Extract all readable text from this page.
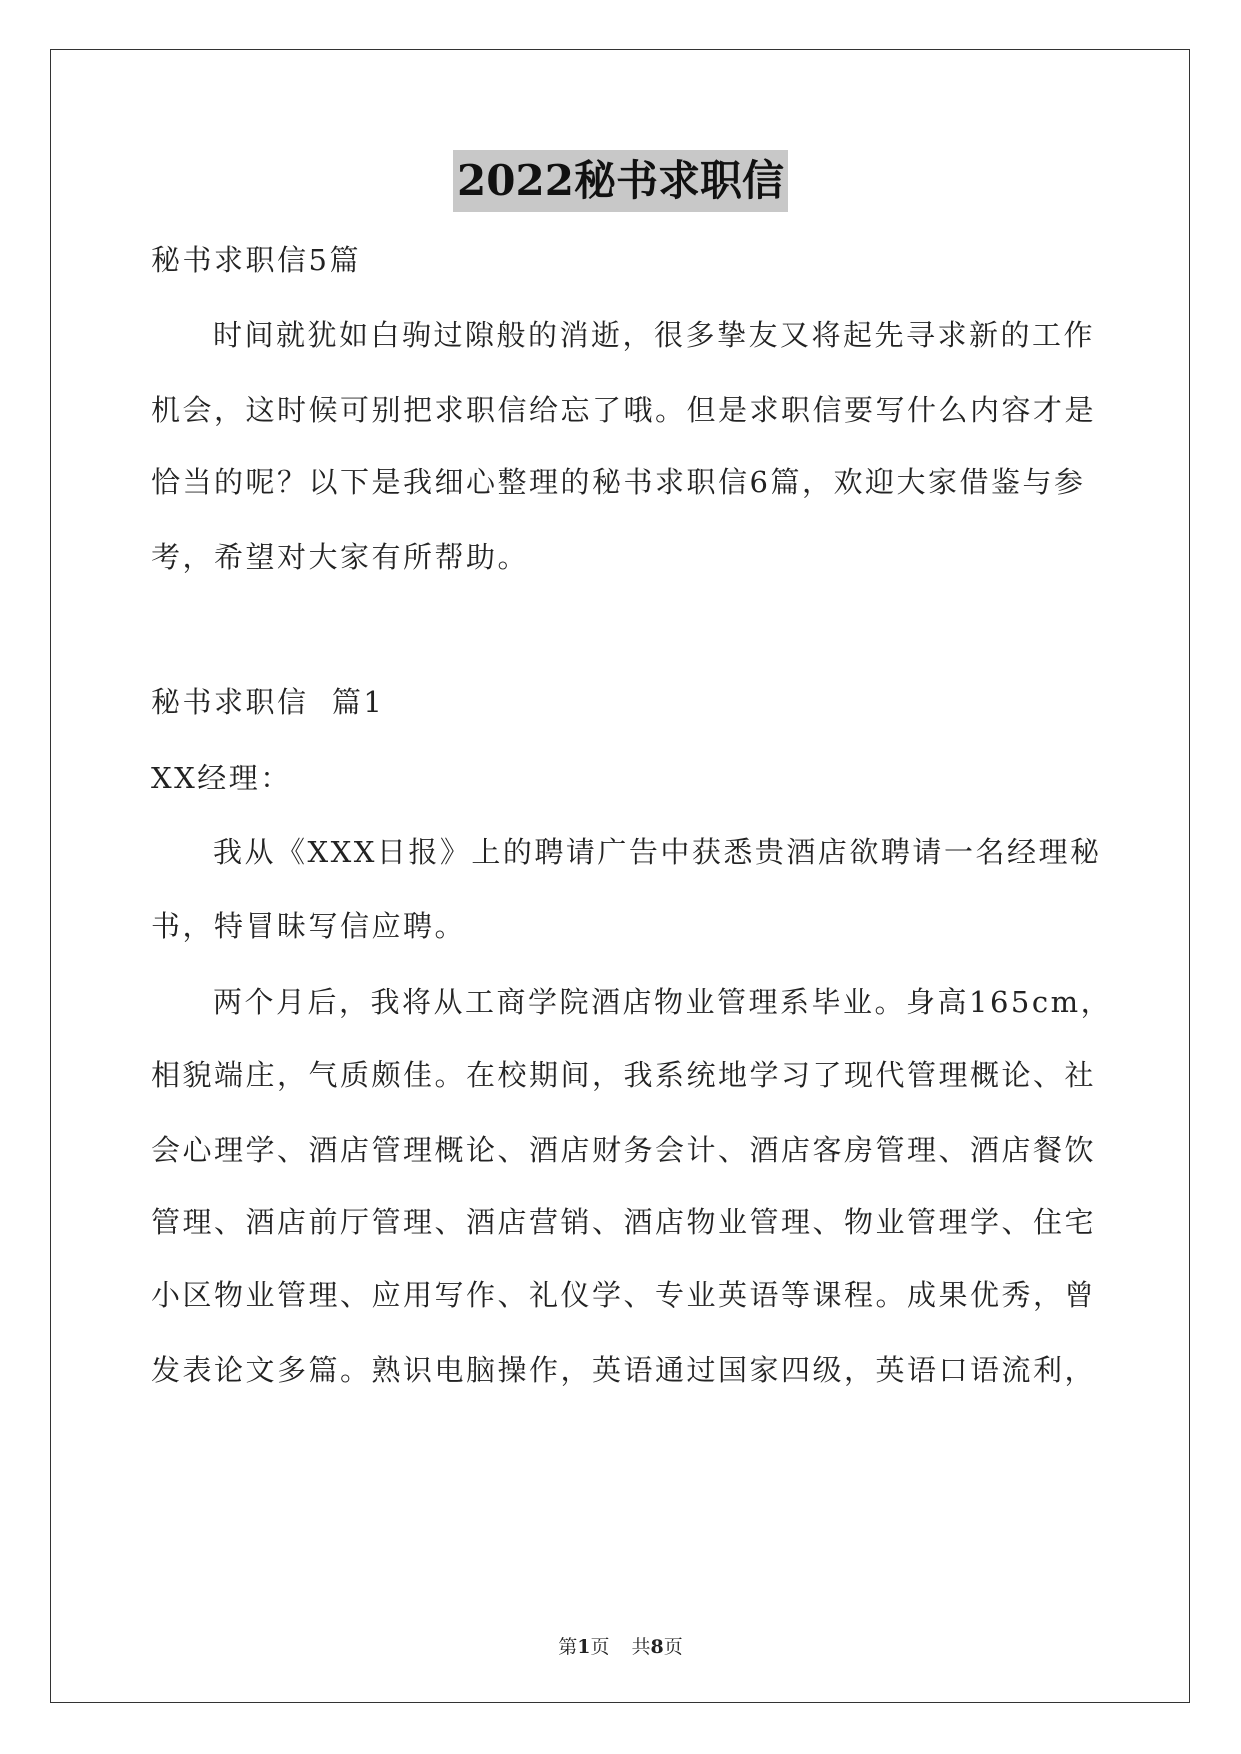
2022秘书求职信
秘书求职信5篇
时间就犹如白驹过隙般的消逝，很多挚友又将起先寻求新的工作
机会，这时候可别把求职信给忘了哦。但是求职信要写什么内容才是
恰当的呢？以下是我细心整理的秘书求职信6篇，欢迎大家借鉴与参
考，希望对大家有所帮助。
秘书求职信  篇1
XX经理：
我从《XXX日报》上的聘请广告中获悉贵酒店欲聘请一名经理秘
书，特冒昧写信应聘。
两个月后，我将从工商学院酒店物业管理系毕业。身高165cm，
相貌端庄，气质颇佳。在校期间，我系统地学习了现代管理概论、社
会心理学、酒店管理概论、酒店财务会计、酒店客房管理、酒店餐饮
管理、酒店前厅管理、酒店营销、酒店物业管理、物业管理学、住宅
小区物业管理、应用写作、礼仪学、专业英语等课程。成果优秀，曾
发表论文多篇。熟识电脑操作，英语通过国家四级，英语口语流利，
第1页 共8页
